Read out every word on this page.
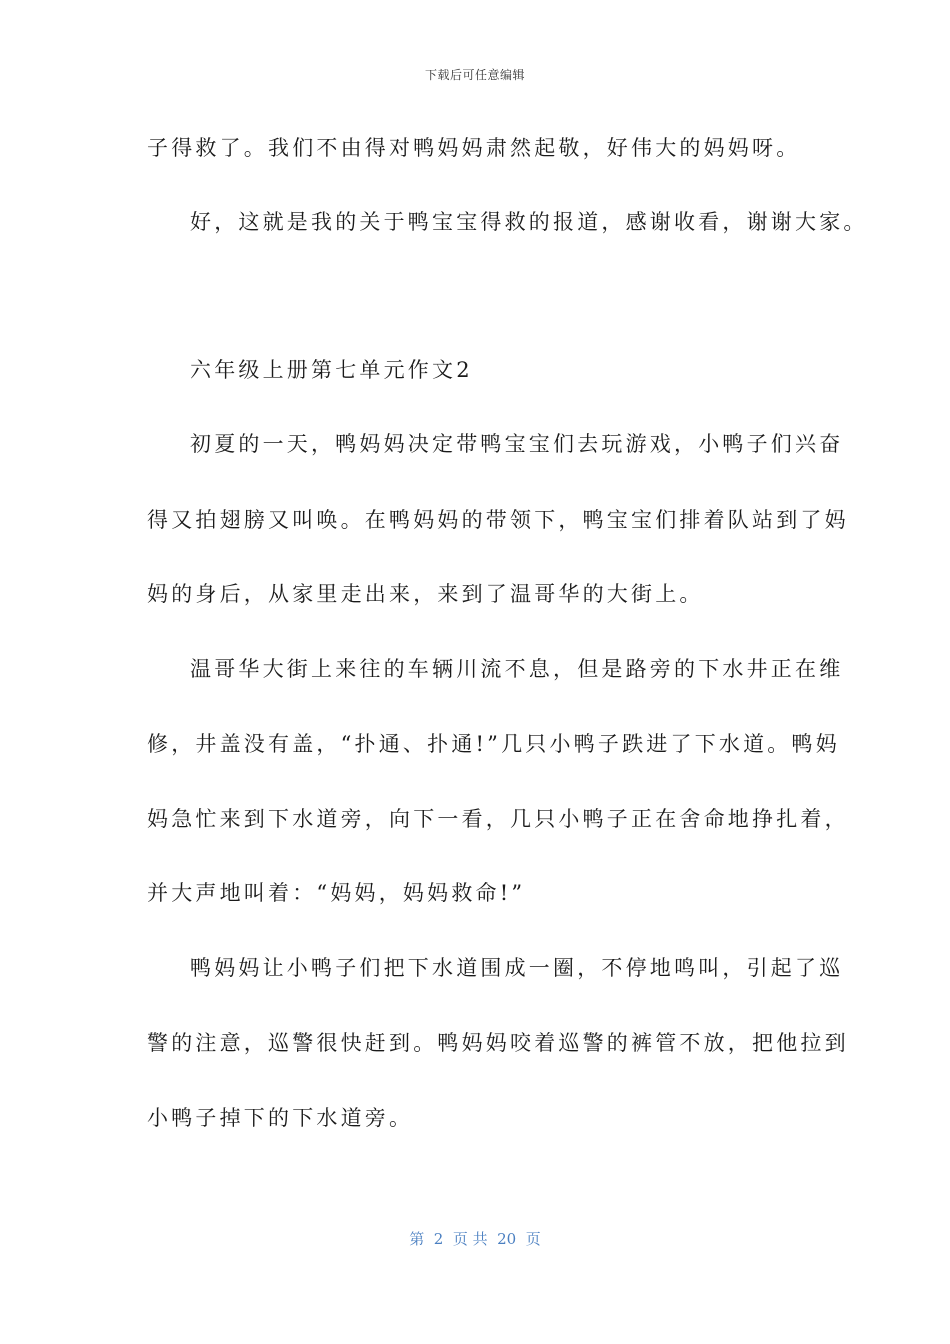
下载后可任意编辑
子得救了。我们不由得对鸭妈妈肃然起敬，好伟大的妈妈呀。
好，这就是我的关于鸭宝宝得救的报道，感谢收看，谢谢大家。
六年级上册第七单元作文2
初夏的一天，鸭妈妈决定带鸭宝宝们去玩游戏，小鸭子们兴奋
得又拍翅膀又叫唤。在鸭妈妈的带领下，鸭宝宝们排着队站到了妈
妈的身后，从家里走出来，来到了温哥华的大街上。
温哥华大街上来往的车辆川流不息，但是路旁的下水井正在维
修，井盖没有盖，“扑通、扑通!”几只小鸭子跌进了下水道。鸭妈
妈急忙来到下水道旁，向下一看，几只小鸭子正在舍命地挣扎着，
并大声地叫着：“妈妈，妈妈救命!”
鸭妈妈让小鸭子们把下水道围成一圈，不停地鸣叫，引起了巡
警的注意，巡警很快赶到。鸭妈妈咬着巡警的裤管不放，把他拉到
小鸭子掉下的下水道旁。
第  2  页 共  20  页
